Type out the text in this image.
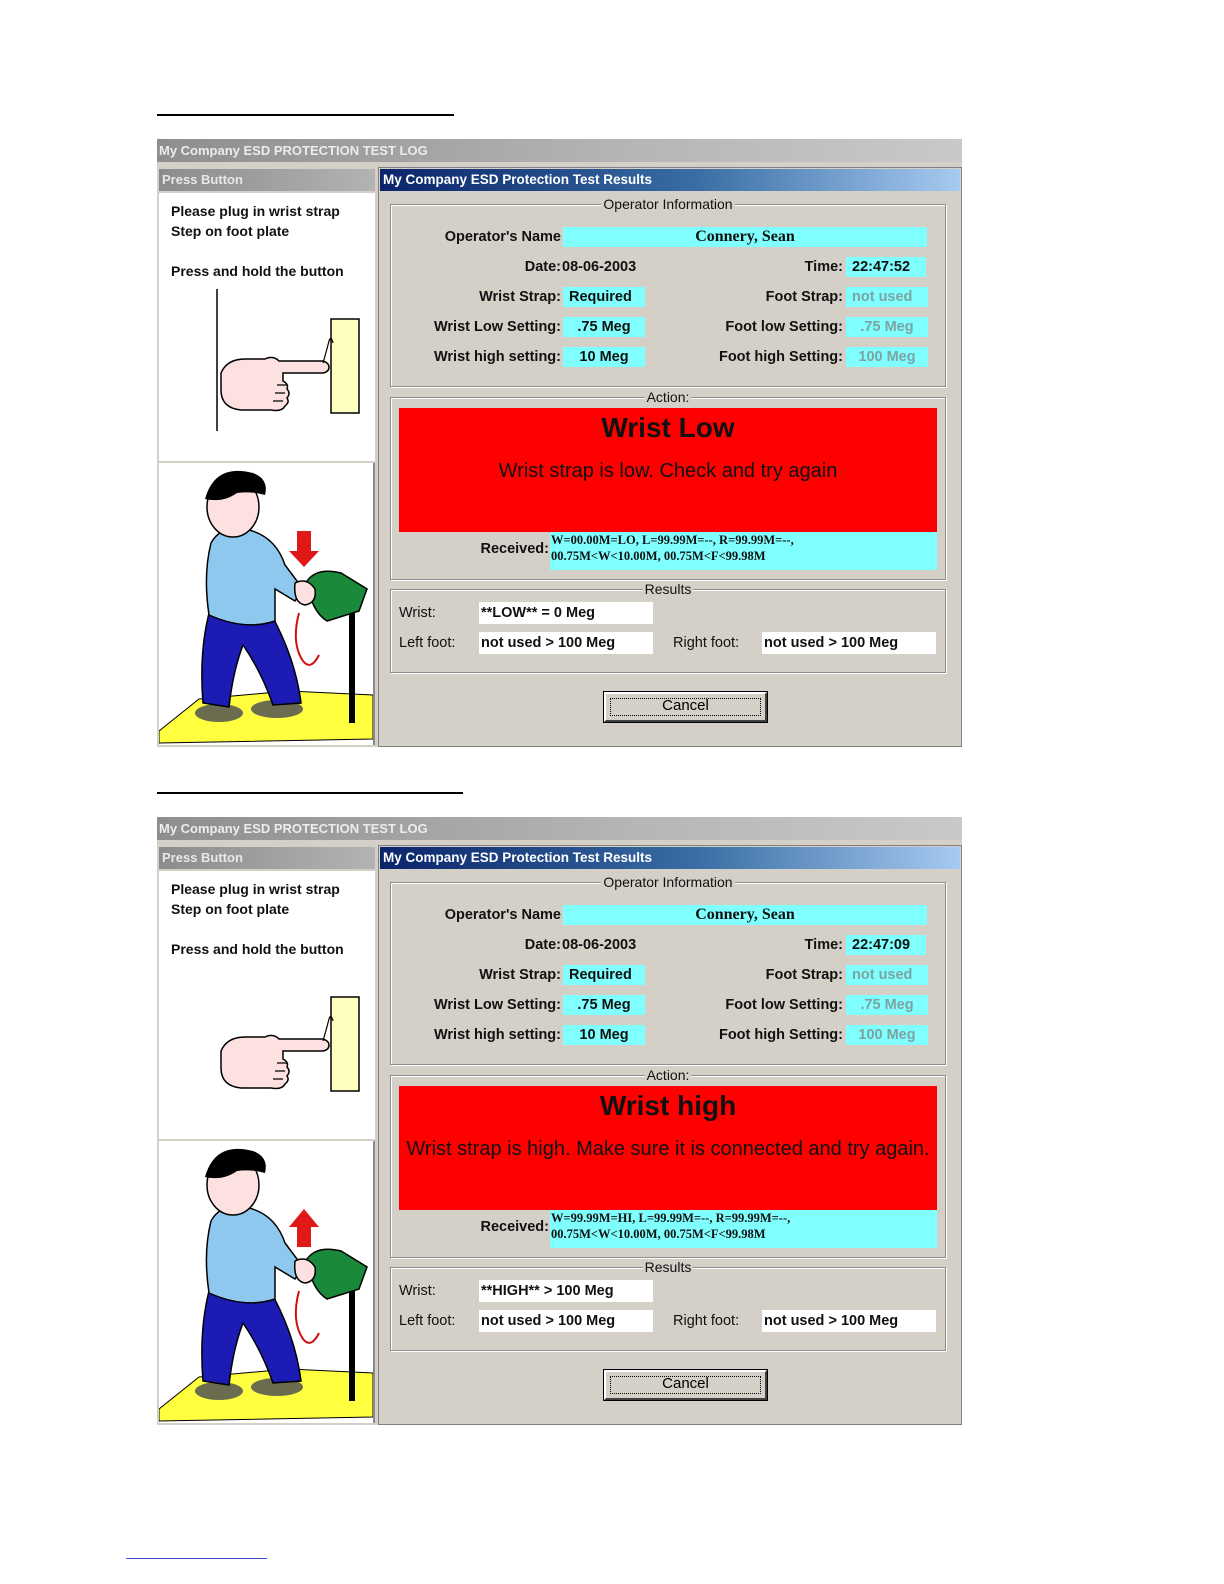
My Company ESD PROTECTION TEST LOG
Press Button
Please plug in wrist strap
Step on foot plate
Press and hold the button
My Company ESD Protection Test Results
Operator Information
Operator's Name	Connery, Sean
Date: 08-06-2003	Time: 22:47:52
Wrist Strap: Required	Foot Strap: not used
Wrist Low Setting:	.75 Meg	Foot low Setting:	.75 Meg
Wrist high setting:	10 Meg	Foot high Setting:	100 Meg
Action:
Wrist Low
Wrist strap is low. Check and try again
Received:
W=00.00M=LO, L=99.99M=--, R=99.99M=--,
00.75M<W<10.00M, 00.75M<F<99.98M
Results
Wrist:	**LOW** = 0 Meg
Left foot: not used > 100 Meg	Right foot: not used > 100 Meg
Cancel
My Company ESD PROTECTION TEST LOG
Press Button
Please plug in wrist strap
Step on foot plate
Press and hold the button
My Company ESD Protection Test Results
Operator Information
Operator's Name	Connery, Sean
Date: 08-06-2003	Time: 22:47:09
Wrist Strap: Required	Foot Strap: not used
Wrist Low Setting:	.75 Meg	Foot low Setting:	.75 Meg
Wrist high setting:	10 Meg	Foot high Setting:	100 Meg
Action:
Wrist high
Wrist strap is high. Make sure it is connected and try again.
Received:
W=99.99M=HI, L=99.99M=--, R=99.99M=--,
00.75M<W<10.00M, 00.75M<F<99.98M
Results
Wrist:	**HIGH** > 100 Meg
Left foot: not used > 100 Meg	Right foot: not used > 100 Meg
Cancel
